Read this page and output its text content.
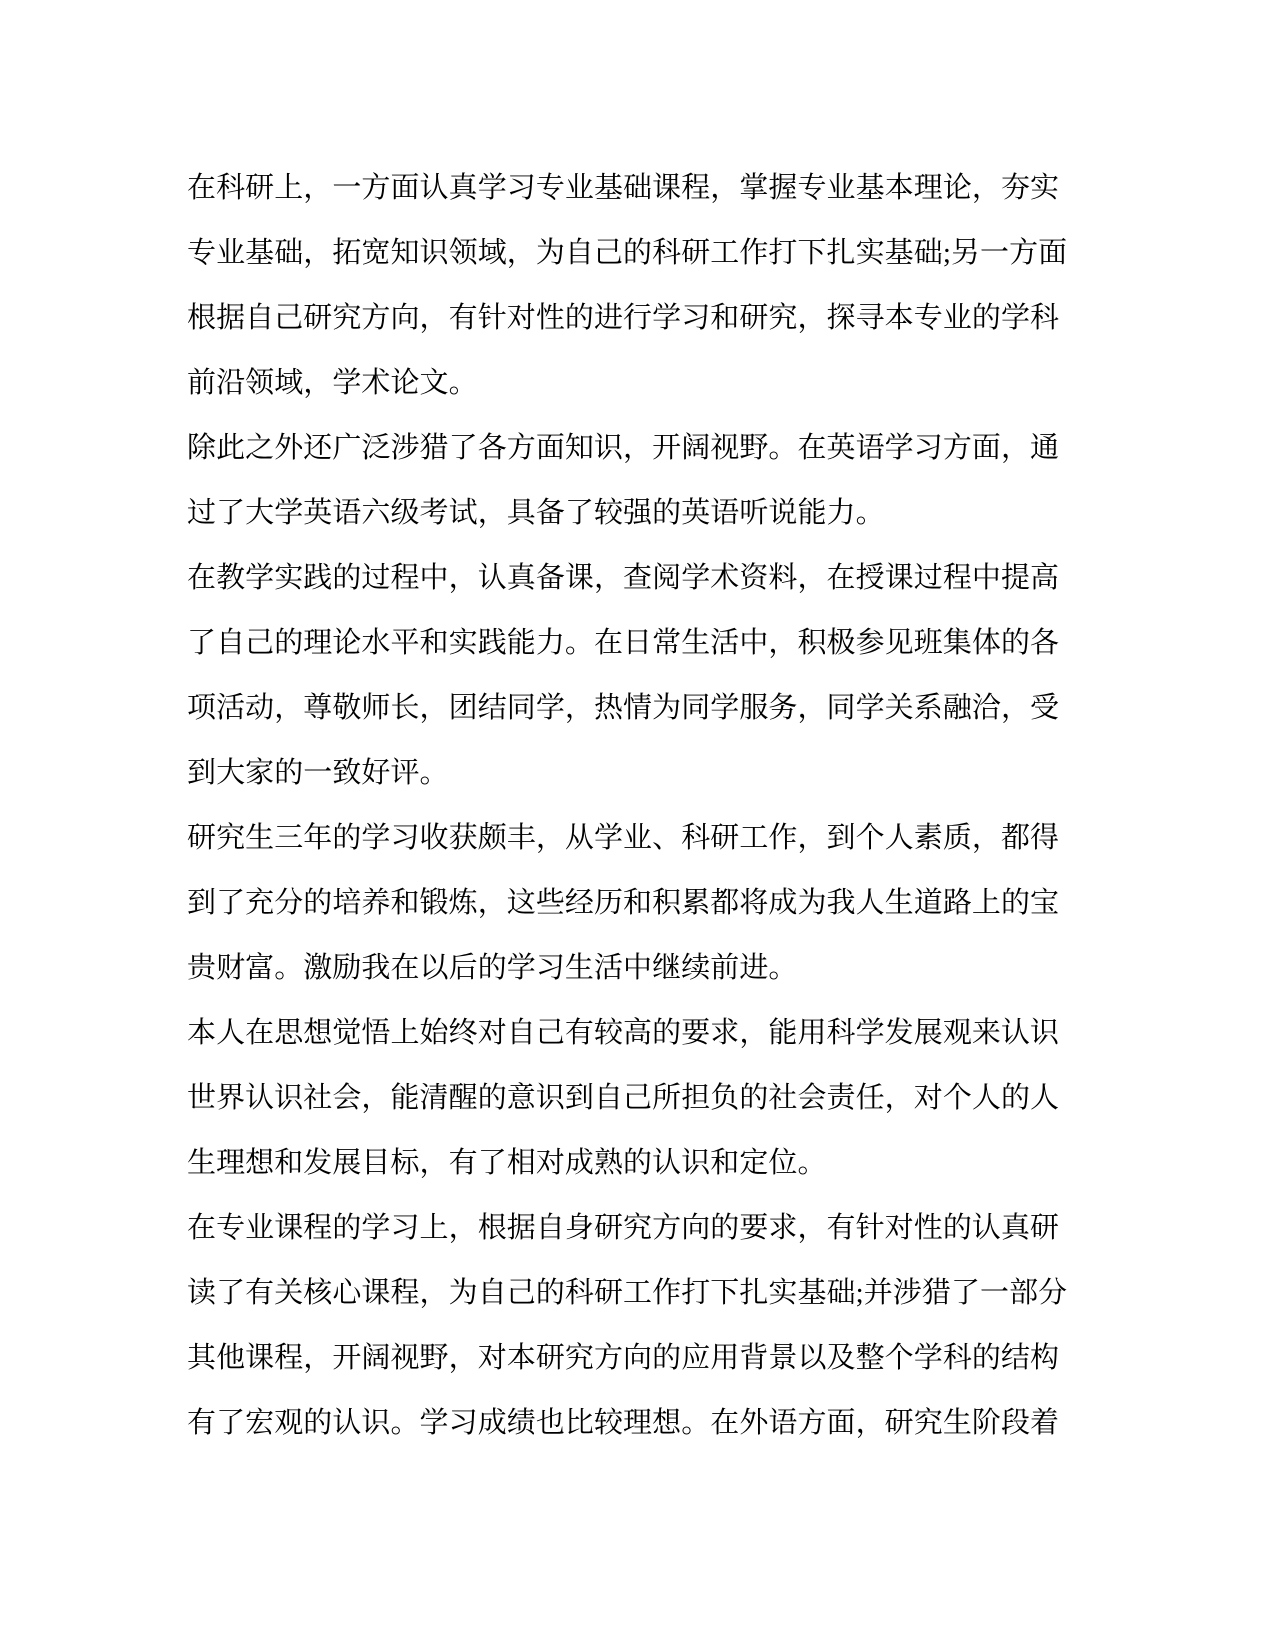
在科研上，一方面认真学习专业基础课程，掌握专业基本理论，夯实
专业基础，拓宽知识领域，为自己的科研工作打下扎实基础;另一方面
根据自己研究方向，有针对性的进行学习和研究，探寻本专业的学科
前沿领域，学术论文。
除此之外还广泛涉猎了各方面知识，开阔视野。在英语学习方面，通
过了大学英语六级考试，具备了较强的英语听说能力。
在教学实践的过程中，认真备课，查阅学术资料，在授课过程中提高
了自己的理论水平和实践能力。在日常生活中，积极参见班集体的各
项活动，尊敬师长，团结同学，热情为同学服务，同学关系融洽，受
到大家的一致好评。
研究生三年的学习收获颇丰，从学业、科研工作，到个人素质，都得
到了充分的培养和锻炼，这些经历和积累都将成为我人生道路上的宝
贵财富。激励我在以后的学习生活中继续前进。
本人在思想觉悟上始终对自己有较高的要求，能用科学发展观来认识
世界认识社会，能清醒的意识到自己所担负的社会责任，对个人的人
生理想和发展目标，有了相对成熟的认识和定位。
在专业课程的学习上，根据自身研究方向的要求，有针对性的认真研
读了有关核心课程，为自己的科研工作打下扎实基础;并涉猎了一部分
其他课程，开阔视野，对本研究方向的应用背景以及整个学科的结构
有了宏观的认识。学习成绩也比较理想。在外语方面，研究生阶段着
